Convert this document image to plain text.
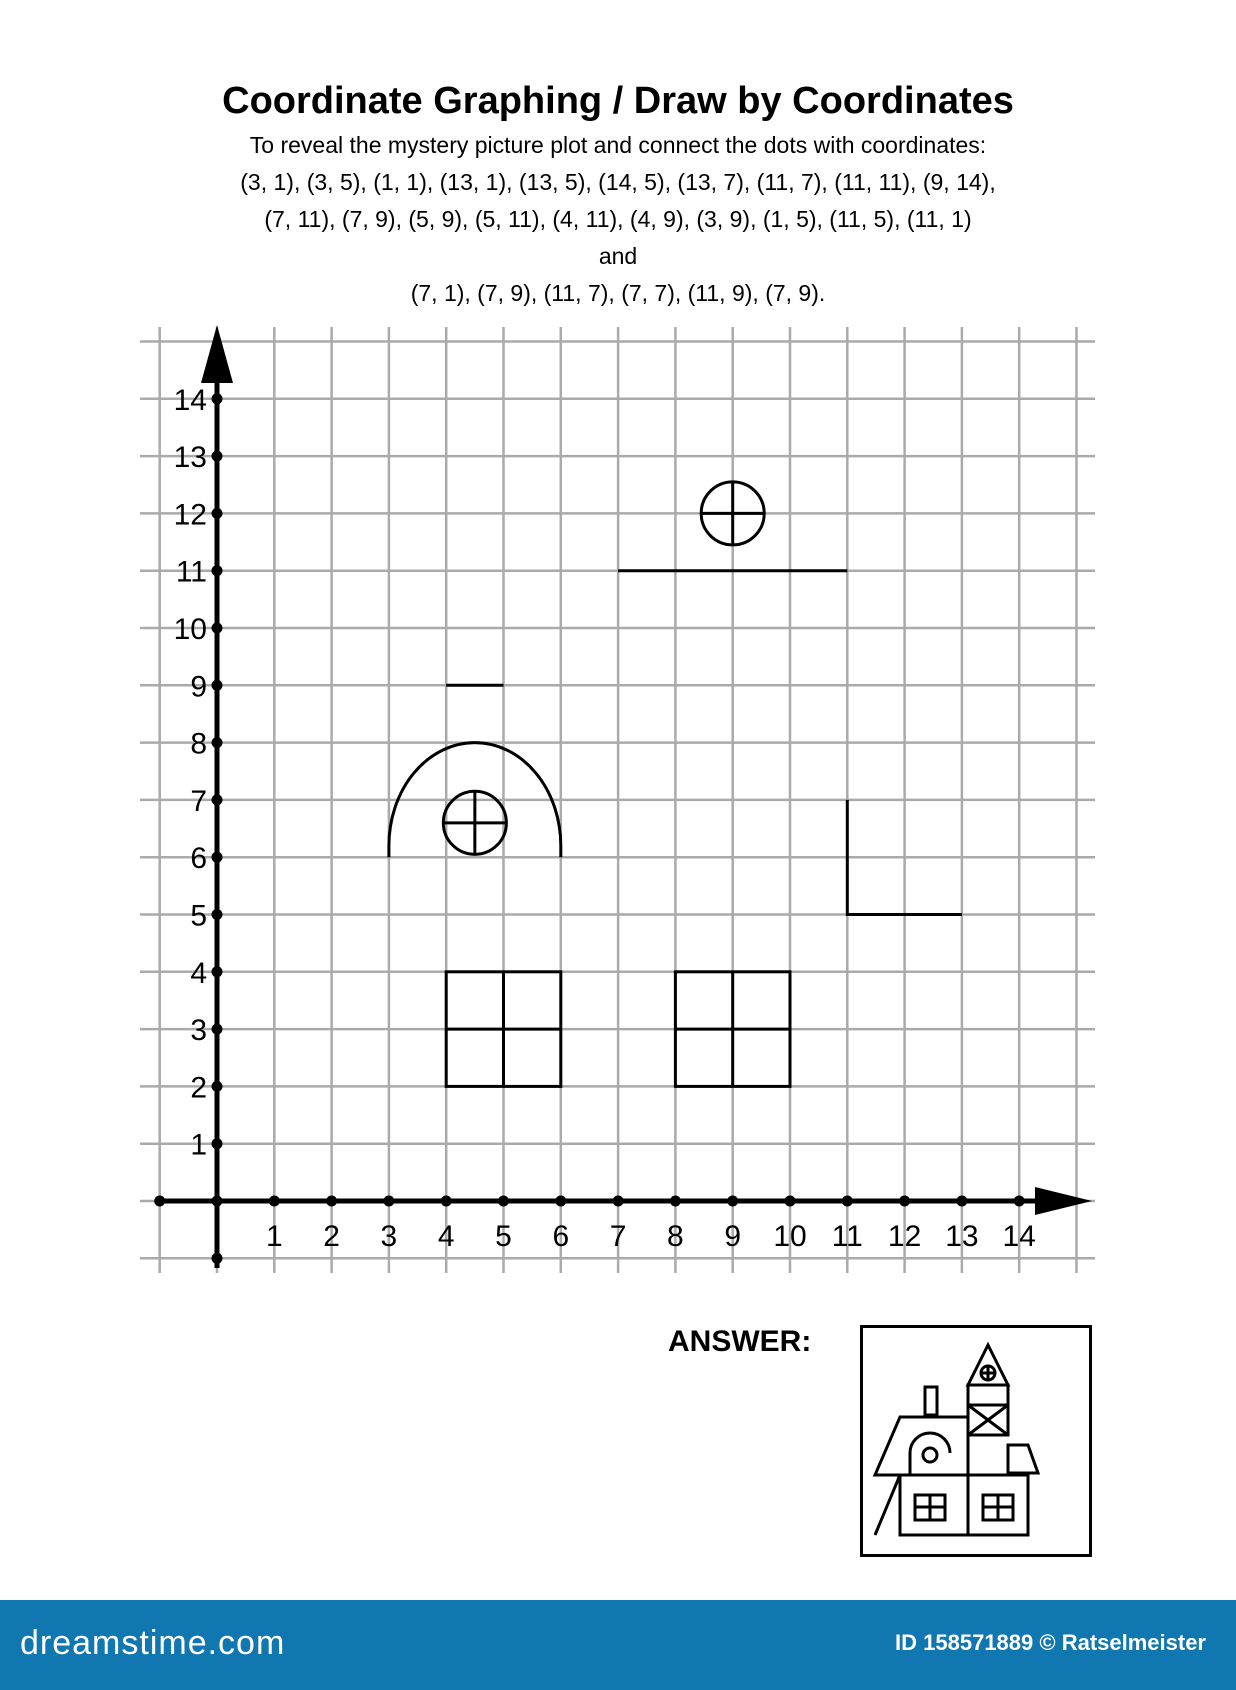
Coordinate Graphing / Draw by Coordinates
To reveal the mystery picture plot and connect the dots with coordinates:
(3, 1), (3, 5), (1, 1), (13, 1), (13, 5), (14, 5), (13, 7), (11, 7), (11, 11), (9, 14),
(7, 11), (7, 9), (5, 9), (5, 11), (4, 11), (4, 9), (3, 9), (1, 5), (11, 5), (11, 1)
and
(7, 1), (7, 9), (11, 7), (7, 7), (11, 9), (7, 9).
1 2 3 4 5 6 7 8 9 10 11 12 13 14
1
2
3
4
5
6
7
8
9
10
11
12
13
14
ANSWER:
dreamstime.com	ID 158571889 © Ratselmeister
